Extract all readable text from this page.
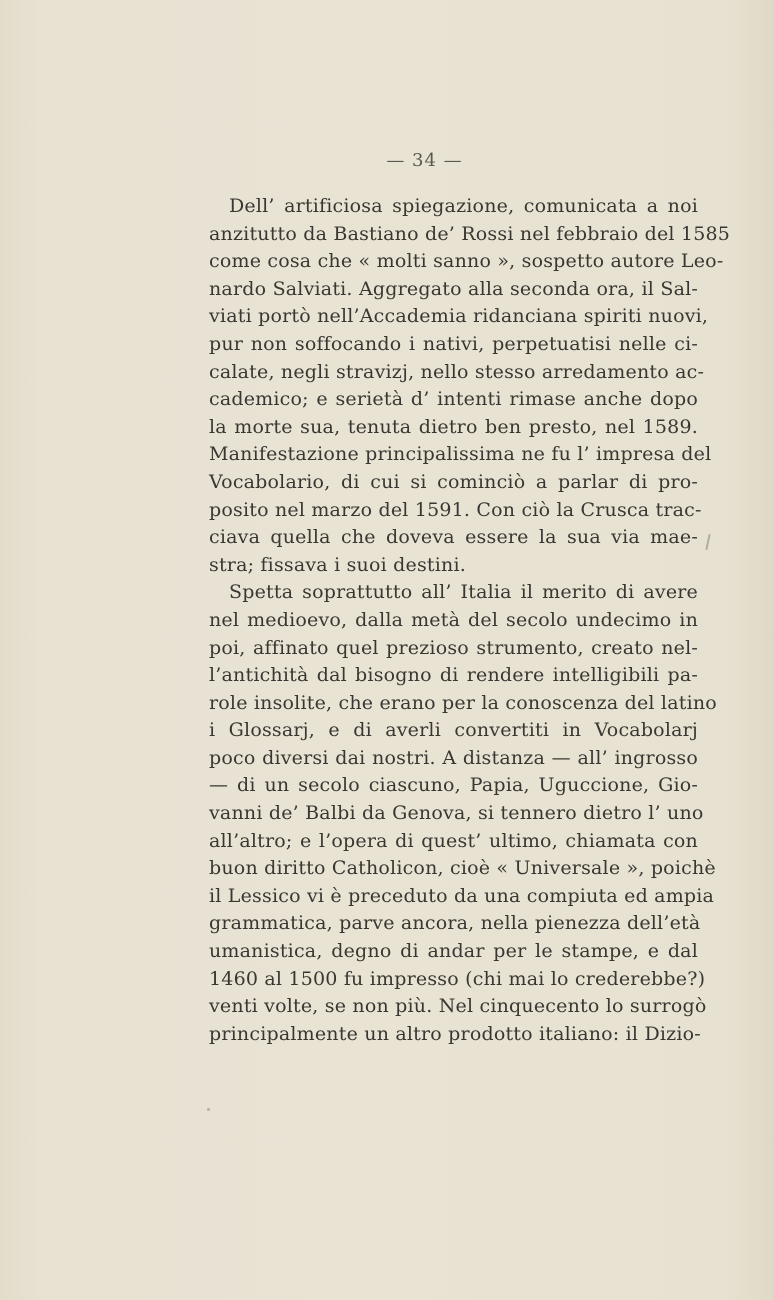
— 34 —
Dell’ artificiosa spiegazione, comunicata a noi
anzitutto da Bastiano de’ Rossi nel febbraio del 1585
come cosa che « molti sanno », sospetto autore Leo-
nardo Salviati. Aggregato alla seconda ora, il Sal-
viati portò nell’Accademia ridanciana spiriti nuovi,
pur non soffocando i nativi, perpetuatisi nelle ci-
calate, negli stravizj, nello stesso arredamento ac-
cademico; e serietà d’ intenti rimase anche dopo
la morte sua, tenuta dietro ben presto, nel 1589.
Manifestazione principalissima ne fu l’ impresa del
Vocabolario, di cui si cominciò a parlar di pro-
posito nel marzo del 1591. Con ciò la Crusca trac-
ciava quella che doveva essere la sua via mae-
stra; fissava i suoi destini.
Spetta soprattutto all’ Italia il merito di avere
nel medioevo, dalla metà del secolo undecimo in
poi, affinato quel prezioso strumento, creato nel-
l’antichità dal bisogno di rendere intelligibili pa-
role insolite, che erano per la conoscenza del latino
i Glossarj, e di averli convertiti in Vocabolarj
poco diversi dai nostri. A distanza — all’ ingrosso
— di un secolo ciascuno, Papia, Uguccione, Gio-
vanni de’ Balbi da Genova, si tennero dietro l’ uno
all’altro; e l’opera di quest’ ultimo, chiamata con
buon diritto Catholicon, cioè « Universale », poichè
il Lessico vi è preceduto da una compiuta ed ampia
grammatica, parve ancora, nella pienezza dell’età
umanistica, degno di andar per le stampe, e dal
1460 al 1500 fu impresso (chi mai lo crederebbe?)
venti volte, se non più. Nel cinquecento lo surrogò
principalmente un altro prodotto italiano: il Dizio-
